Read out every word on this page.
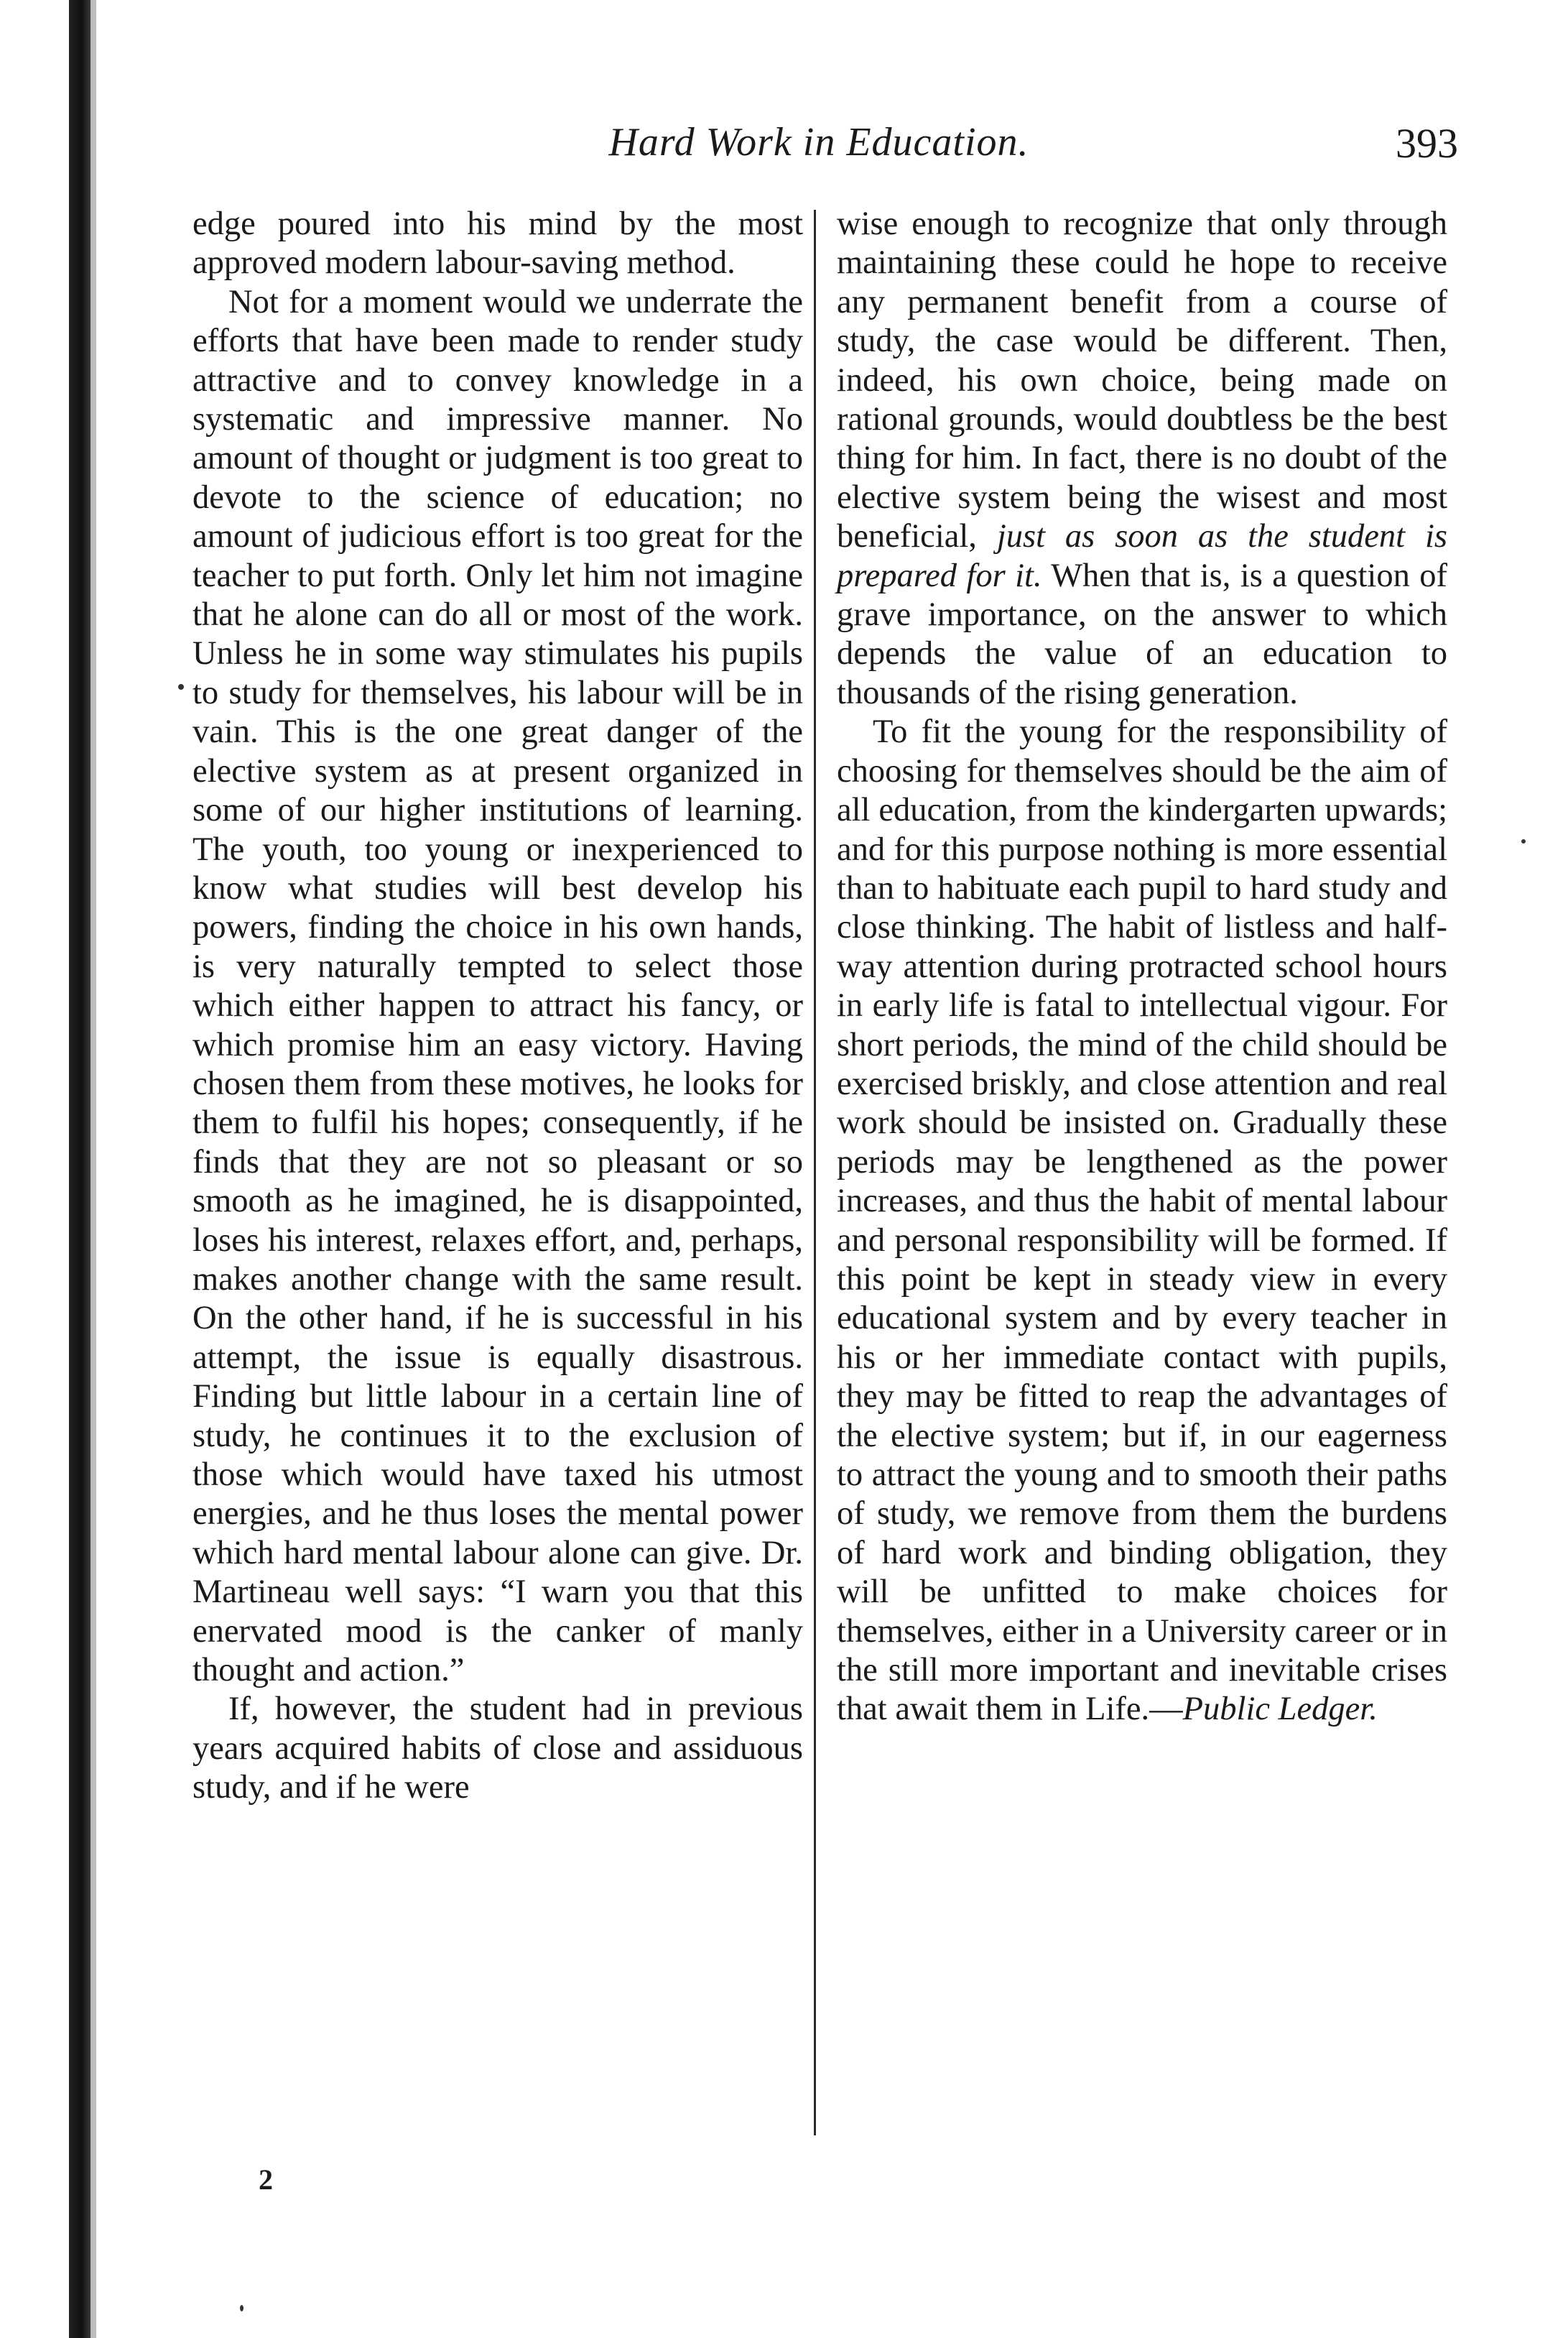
Hard Work in Education.	393

edge poured into his mind by the most approved modern labour-saving method.

Not for a moment would we underrate the efforts that have been made to render study attractive and to convey knowledge in a systematic and impressive manner. No amount of thought or judgment is too great to devote to the science of education; no amount of judicious effort is too great for the teacher to put forth. Only let him not imagine that he alone can do all or most of the work. Unless he in some way stimulates his pupils to study for themselves, his labour will be in vain. This is the one great danger of the elective system as at present organized in some of our higher institutions of learning. The youth, too young or inexperienced to know what studies will best develop his powers, finding the choice in his own hands, is very naturally tempted to select those which either happen to attract his fancy, or which promise him an easy victory. Having chosen them from these motives, he looks for them to fulfil his hopes; consequently, if he finds that they are not so pleasant or so smooth as he imagined, he is disappointed, loses his interest, relaxes effort, and, perhaps, makes another change with the same result. On the other hand, if he is successful in his attempt, the issue is equally disastrous. Finding but little labour in a certain line of study, he continues it to the exclusion of those which would have taxed his utmost energies, and he thus loses the mental power which hard mental labour alone can give. Dr. Martineau well says: “I warn you that this enervated mood is the canker of manly thought and action.”

If, however, the student had in previous years acquired habits of close and assiduous study, and if he were

wise enough to recognize that only through maintaining these could he hope to receive any permanent benefit from a course of study, the case would be different. Then, indeed, his own choice, being made on rational grounds, would doubtless be the best thing for him. In fact, there is no doubt of the elective system being the wisest and most beneficial, just as soon as the student is prepared for it. When that is, is a question of grave importance, on the answer to which depends the value of an education to thousands of the rising generation.

To fit the young for the responsibility of choosing for themselves should be the aim of all education, from the kindergarten upwards; and for this purpose nothing is more essential than to habituate each pupil to hard study and close thinking. The habit of listless and half-way attention during protracted school hours in early life is fatal to intellectual vigour. For short periods, the mind of the child should be exercised briskly, and close attention and real work should be insisted on. Gradually these periods may be lengthened as the power increases, and thus the habit of mental labour and personal responsibility will be formed. If this point be kept in steady view in every educational system and by every teacher in his or her immediate contact with pupils, they may be fitted to reap the advantages of the elective system; but if, in our eagerness to attract the young and to smooth their paths of study, we remove from them the burdens of hard work and binding obligation, they will be unfitted to make choices for themselves, either in a University career or in the still more important and inevitable crises that await them in Life.—Public Ledger.

2
